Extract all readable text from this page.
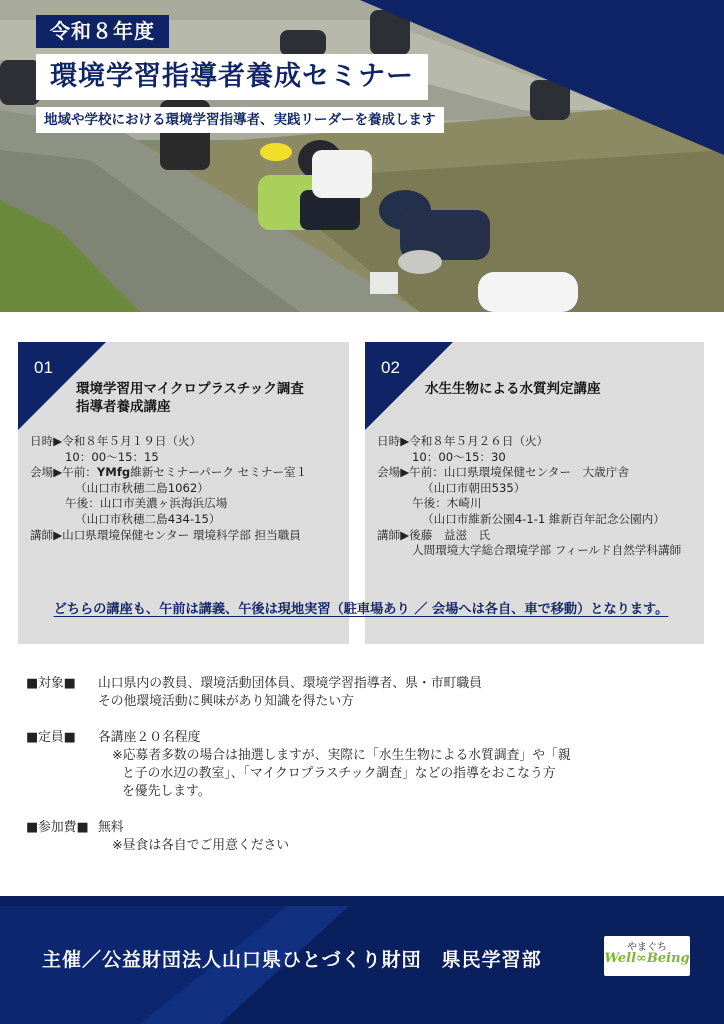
令和８年度
環境学習指導者養成セミナー
地域や学校における環境学習指導者、実践リーダーを養成します
01
環境学習用マイクロプラスチック調査
指導者養成講座
日時▶令和８年５月１９日（火）
10：00～15：15
会場▶午前：YMfg維新セミナーパーク セミナー室１
（山口市秋穂二島1062）
午後：山口市美濃ヶ浜海浜広場
（山口市秋穂二島434-15）
講師▶山口県環境保健センター 環境科学部 担当職員
02
水生生物による水質判定講座
日時▶令和８年５月２６日（火）
10：00～15：30
会場▶午前：山口県環境保健センター　大歳庁舎
（山口市朝田535）
午後：木崎川
（山口市維新公園4-1-1 維新百年記念公園内）
講師▶後藤　益滋　氏
人間環境大学総合環境学部 フィールド自然学科講師
どちらの講座も、午前は講義、午後は現地実習（駐車場あり ／ 会場へは各自、車で移動）となります。
■対象■ 山口県内の教員、環境活動団体員、環境学習指導者、県・市町職員
その他環境活動に興味があり知識を得たい方
■定員■ 各講座２０名程度
※応募者多数の場合は抽選しますが、実際に「水生生物による水質調査」や「親
と子の水辺の教室」、「マイクロプラスチック調査」などの指導をおこなう方
を優先します。
■参加費■ 無料
※昼食は各自でご用意ください
主催／公益財団法人山口県ひとづくり財団　県民学習部
やまぐち
Well∞Being
